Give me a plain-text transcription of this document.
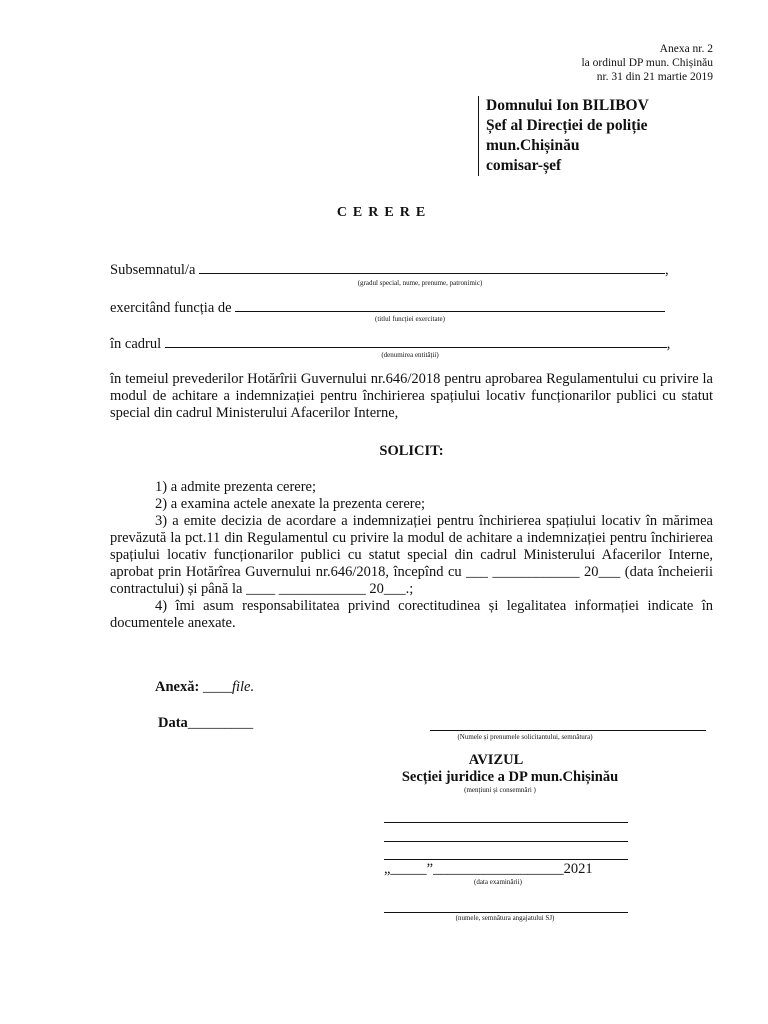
Anexa nr. 2
la ordinul DP mun. Chișinău
nr. 31 din 21 martie 2019
Domnului Ion BILIBOV
Șef al Direcției de poliție
mun.Chișinău
comisar-șef
CERERE
Subsemnatul/a	,
(gradul special, nume, prenume, patronimic)
exercitând funcția de
(titlul funcției exercitate)
în cadrul	,
(denumirea entității)
în temeiul prevederilor Hotărîrii Guvernului nr.646/2018 pentru aprobarea Regulamentului cu privire la modul de achitare a indemnizației pentru închirierea spațiului locativ funcționarilor publici cu statut special din cadrul Ministerului Afacerilor Interne,
SOLICIT:
1) a admite prezenta cerere;
2) a examina actele anexate la prezenta cerere;
3) a emite decizia de acordare a indemnizației pentru închirierea spațiului locativ în mărimea prevăzută la pct.11 din Regulamentul cu privire la modul de achitare a indemnizației pentru închirierea spațiului locativ funcționarilor publici cu statut special din cadrul Ministerului Afacerilor Interne, aprobat prin Hotărîrea Guvernului nr.646/2018, începînd cu ___ ____________ 20___ (data încheierii contractului) și până la ____ ____________ 20___.;
4) îmi asum responsabilitatea privind corectitudinea și legalitatea informației indicate în documentele anexate.
Anexă: ____file.
Data_________
(Numele și prenumele solicitantului, semnătura)
AVIZUL
Secției juridice a DP mun.Chișinău
(mențiuni și consemnări )
„_____”__________________2021
(data examinării)
(numele, semnătura angajatului SJ)
